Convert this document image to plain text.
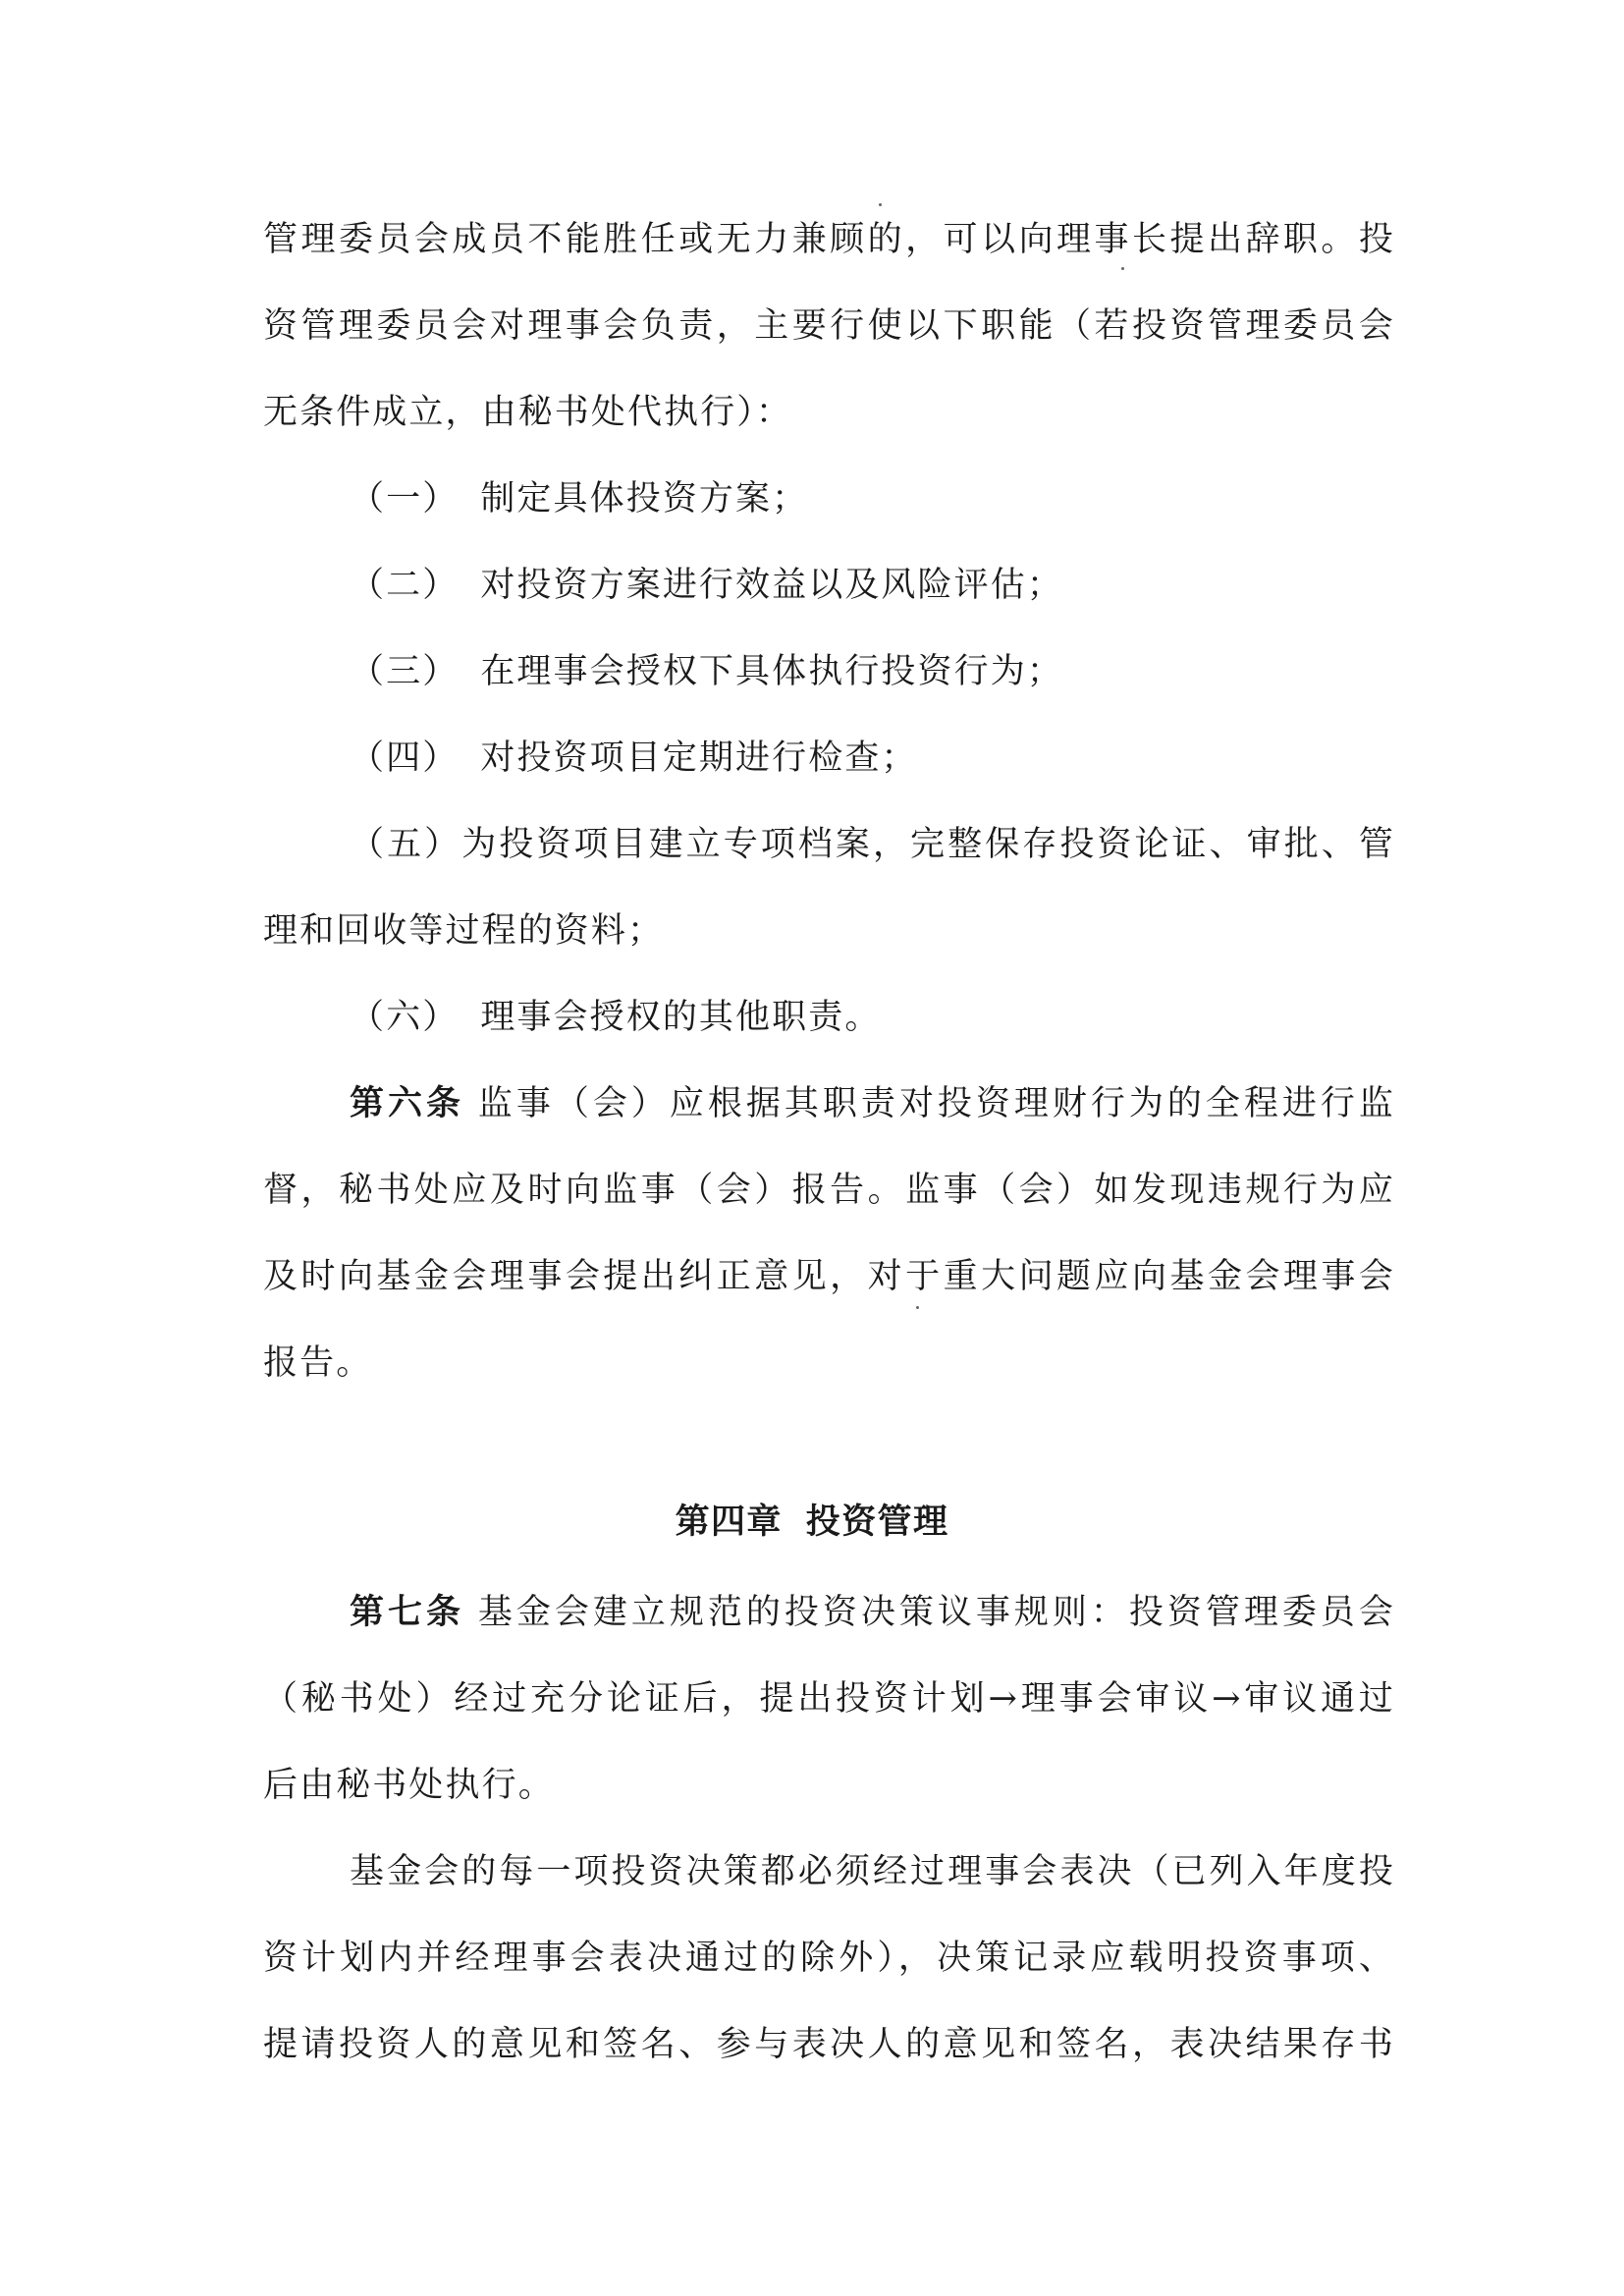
管理委员会成员不能胜任或无力兼顾的，可以向理事长提出辞职。投

资管理委员会对理事会负责，主要行使以下职能（若投资管理委员会

无条件成立，由秘书处代执行）：

（一） 制定具体投资方案；

（二） 对投资方案进行效益以及风险评估；

（三） 在理事会授权下具体执行投资行为；

（四） 对投资项目定期进行检查；

（五）为投资项目建立专项档案，完整保存投资论证、审批、管

理和回收等过程的资料；

（六） 理事会授权的其他职责。

第六条 监事（会）应根据其职责对投资理财行为的全程进行监

督，秘书处应及时向监事（会）报告。监事（会）如发现违规行为应

及时向基金会理事会提出纠正意见，对于重大问题应向基金会理事会

报告。

第四章 投资管理

第七条 基金会建立规范的投资决策议事规则：投资管理委员会

（秘书处）经过充分论证后，提出投资计划→理事会审议→审议通过

后由秘书处执行。

基金会的每一项投资决策都必须经过理事会表决（已列入年度投

资计划内并经理事会表决通过的除外），决策记录应载明投资事项、

提请投资人的意见和签名、参与表决人的意见和签名，表决结果存书
